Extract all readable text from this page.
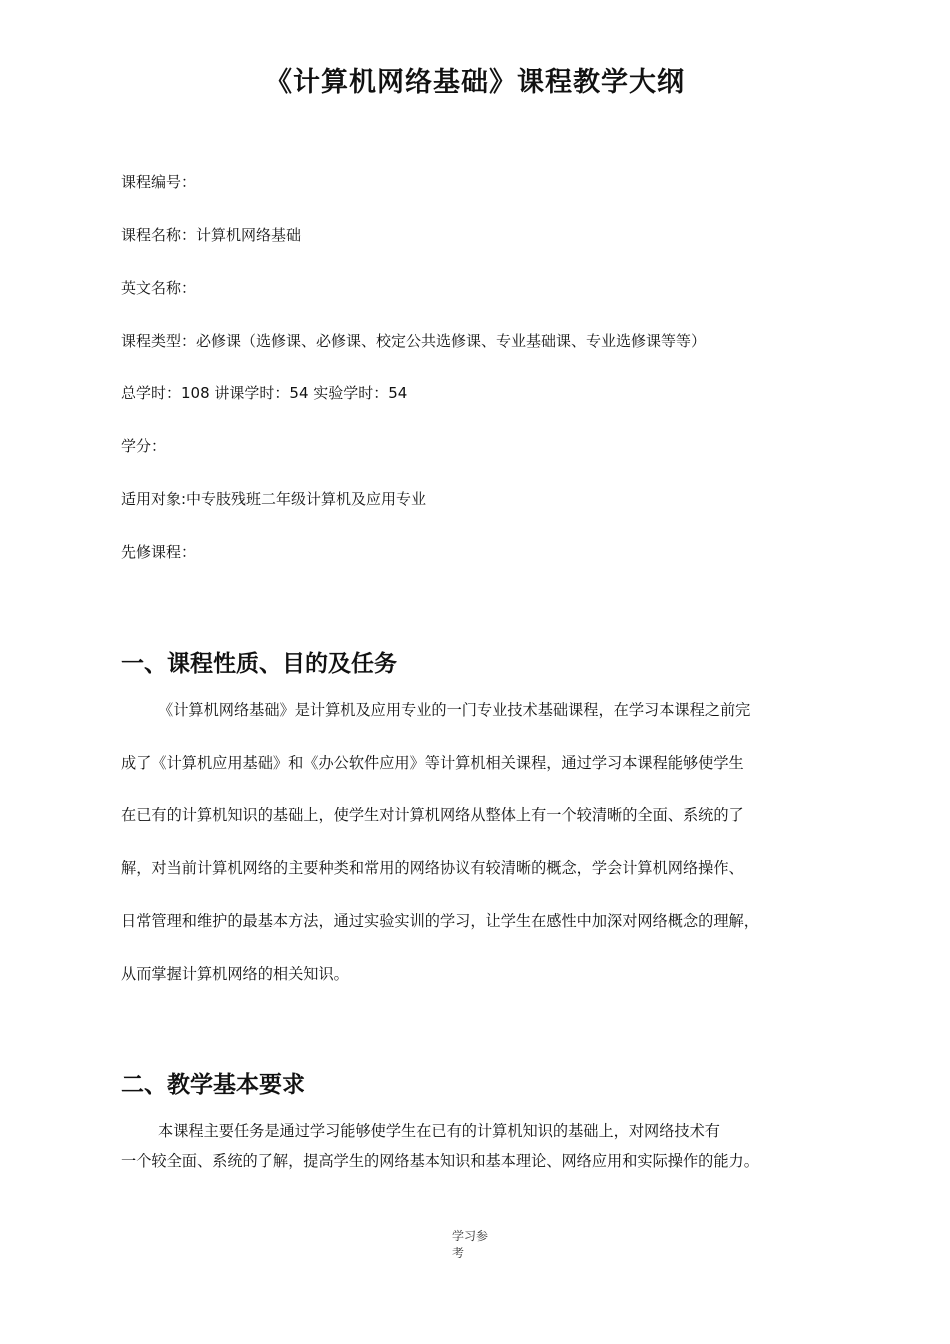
《计算机网络基础》课程教学大纲
课程编号：
课程名称：计算机网络基础
英文名称：
课程类型：必修课（选修课、必修课、校定公共选修课、专业基础课、专业选修课等等）
总学时：108 讲课学时：54 实验学时：54
学分：
适用对象:中专肢残班二年级计算机及应用专业
先修课程：
一、课程性质、目的及任务
《计算机网络基础》是计算机及应用专业的一门专业技术基础课程，在学习本课程之前完
成了《计算机应用基础》和《办公软件应用》等计算机相关课程，通过学习本课程能够使学生
在已有的计算机知识的基础上，使学生对计算机网络从整体上有一个较清晰的全面、系统的了
解，对当前计算机网络的主要种类和常用的网络协议有较清晰的概念，学会计算机网络操作、
日常管理和维护的最基本方法，通过实验实训的学习，让学生在感性中加深对网络概念的理解，
从而掌握计算机网络的相关知识。
二、教学基本要求
本课程主要任务是通过学习能够使学生在已有的计算机知识的基础上，对网络技术有
一个较全面、系统的了解，提高学生的网络基本知识和基本理论、网络应用和实际操作的能力。
学习参
考
